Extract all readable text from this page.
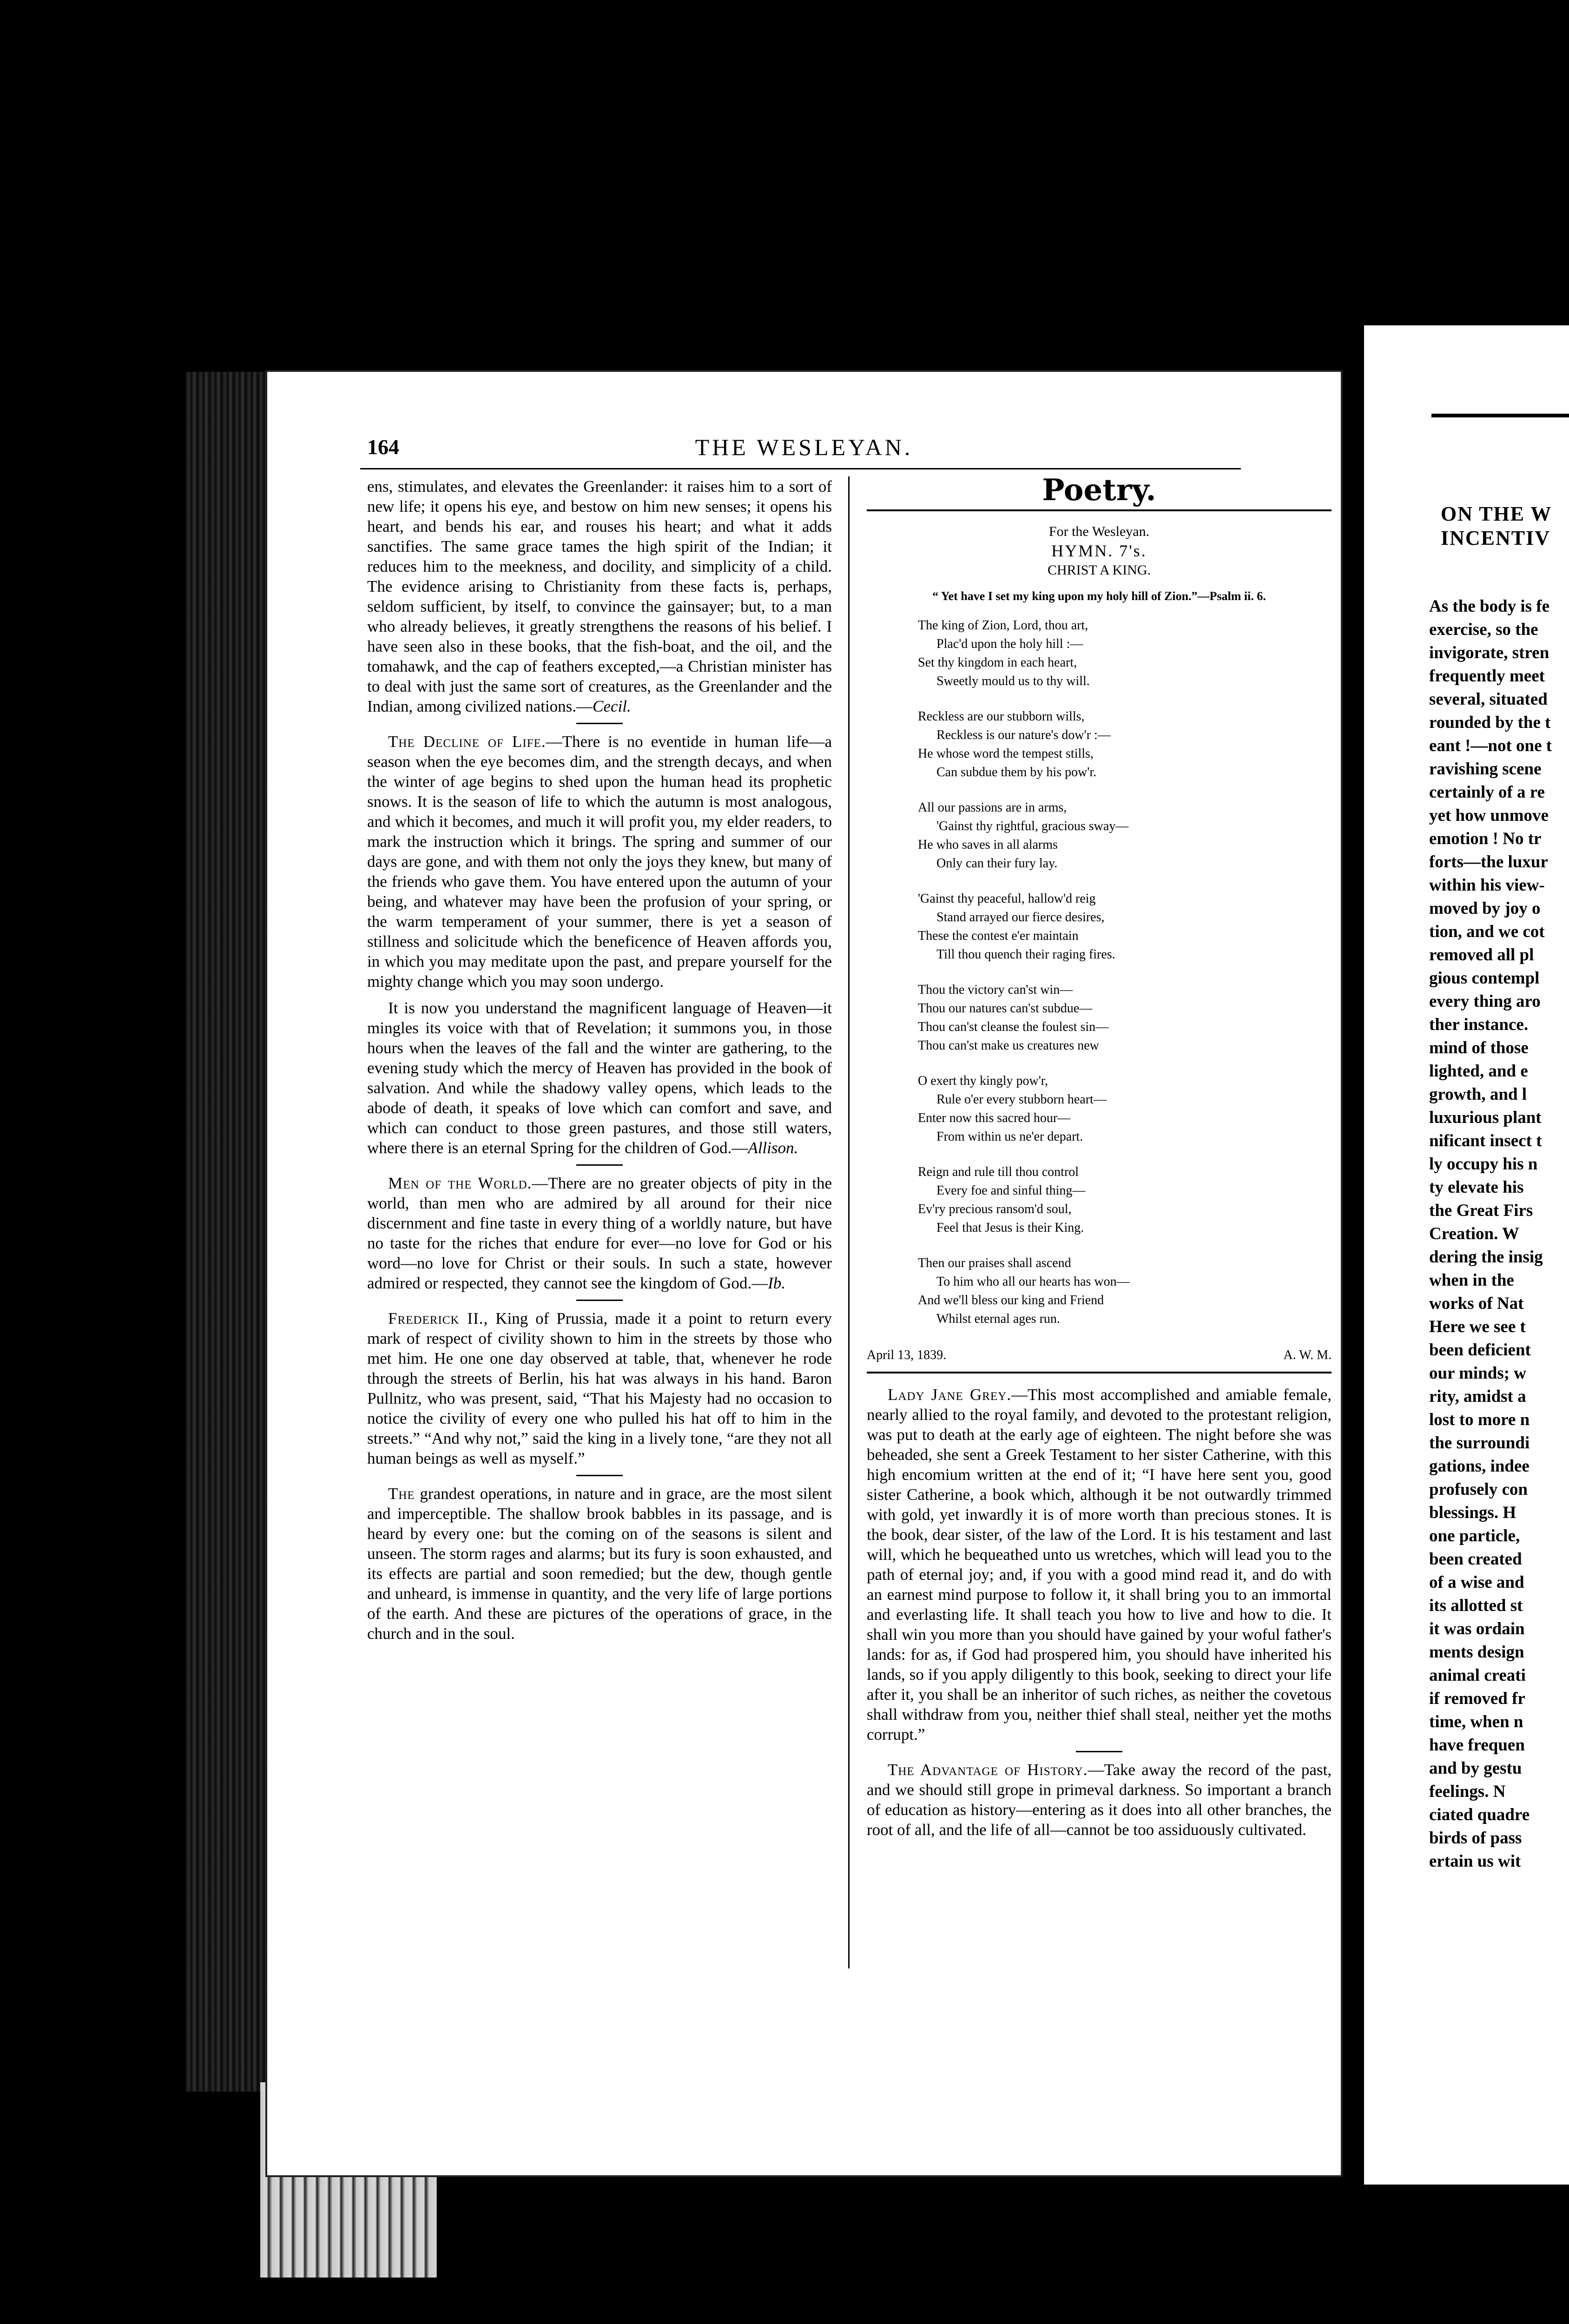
164	THE WESLEYAN.

ens, stimulates, and elevates the Greenlander: it raises him to a sort of new life; it opens his eye, and bestow on him new senses; it opens his heart, and bends his ear, and rouses his heart; and what it adds sanctifies. The same grace tames the high spirit of the Indian; it reduces him to the meekness, and docility, and simplicity of a child. The evidence arising to Christianity from these facts is, perhaps, seldom sufficient, by itself, to convince the gainsayer; but, to a man who already believes, it greatly strengthens the reasons of his belief. I have seen also in these books, that the fish-boat, and the oil, and the tomahawk, and the cap of feathers excepted,—a Christian minister has to deal with just the same sort of creatures, as the Greenlander and the Indian, among civilized nations.—Cecil.

The Decline of Life.—There is no eventide in human life—a season when the eye becomes dim, and the strength decays, and when the winter of age begins to shed upon the human head its prophetic snows. It is the season of life to which the autumn is most analogous, and which it becomes, and much it will profit you, my elder readers, to mark the instruction which it brings. The spring and summer of our days are gone, and with them not only the joys they knew, but many of the friends who gave them. You have entered upon the autumn of your being, and whatever may have been the profusion of your spring, or the warm temperament of your summer, there is yet a season of stillness and solicitude which the beneficence of Heaven affords you, in which you may meditate upon the past, and prepare yourself for the mighty change which you may soon undergo.

It is now you understand the magnificent language of Heaven—it mingles its voice with that of Revelation; it summons you, in those hours when the leaves of the fall and the winter are gathering, to the evening study which the mercy of Heaven has provided in the book of salvation. And while the shadowy valley opens, which leads to the abode of death, it speaks of love which can comfort and save, and which can conduct to those green pastures, and those still waters, where there is an eternal Spring for the children of God.—Allison.

Men of the World.—There are no greater objects of pity in the world, than men who are admired by all around for their nice discernment and fine taste in every thing of a worldly nature, but have no taste for the riches that endure for ever—no love for God or his word—no love for Christ or their souls. In such a state, however admired or respected, they cannot see the kingdom of God.—Ib.

Frederick II., King of Prussia, made it a point to return every mark of respect of civility shown to him in the streets by those who met him. He one one day observed at table, that, whenever he rode through the streets of Berlin, his hat was always in his hand. Baron Pullnitz, who was present, said, “That his Majesty had no occasion to notice the civility of every one who pulled his hat off to him in the streets.” “And why not,” said the king in a lively tone, “are they not all human beings as well as myself.”

The grandest operations, in nature and in grace, are the most silent and imperceptible. The shallow brook babbles in its passage, and is heard by every one: but the coming on of the seasons is silent and unseen. The storm rages and alarms; but its fury is soon exhausted, and its effects are partial and soon remedied; but the dew, though gentle and unheard, is immense in quantity, and the very life of large portions of the earth. And these are pictures of the operations of grace, in the church and in the soul.

Poetry.
For the Wesleyan.
HYMN. 7's.
CHRIST A KING.
“ Yet have I set my king upon my holy hill of Zion.”—Psalm ii. 6.
The king of Zion, Lord, thou art,
Plac'd upon the holy hill :—
Set thy kingdom in each heart,
Sweetly mould us to thy will.
Reckless are our stubborn wills,
Reckless is our nature's dow'r :—
He whose word the tempest stills,
Can subdue them by his pow'r.
All our passions are in arms,
'Gainst thy rightful, gracious sway—
He who saves in all alarms
Only can their fury lay.
'Gainst thy peaceful, hallow'd reig
Stand arrayed our fierce desires,
These the contest e'er maintain
Till thou quench their raging fires.
Thou the victory can'st win—
Thou our natures can'st subdue—
Thou can'st cleanse the foulest sin—
Thou can'st make us creatures new
O exert thy kingly pow'r,
Rule o'er every stubborn heart—
Enter now this sacred hour—
From within us ne'er depart.
Reign and rule till thou control
Every foe and sinful thing—
Ev'ry precious ransom'd soul,
Feel that Jesus is their King.
Then our praises shall ascend
To him who all our hearts has won—
And we'll bless our king and Friend
Whilst eternal ages run.
April 13, 1839.	A. W. M.

Lady Jane Grey.—This most accomplished and amiable female, nearly allied to the royal family, and devoted to the protestant religion, was put to death at the early age of eighteen. The night before she was beheaded, she sent a Greek Testament to her sister Catherine, with this high encomium written at the end of it; “I have here sent you, good sister Catherine, a book which, although it be not outwardly trimmed with gold, yet inwardly it is of more worth than precious stones. It is the book, dear sister, of the law of the Lord. It is his testament and last will, which he bequeathed unto us wretches, which will lead you to the path of eternal joy; and, if you with a good mind read it, and do with an earnest mind purpose to follow it, it shall bring you to an immortal and everlasting life. It shall teach you how to live and how to die. It shall win you more than you should have gained by your woful father's lands: for as, if God had prospered him, you should have inherited his lands, so if you apply diligently to this book, seeking to direct your life after it, you shall be an inheritor of such riches, as neither the covetous shall withdraw from you, neither thief shall steal, neither yet the moths corrupt.”

The Advantage of History.—Take away the record of the past, and we should still grope in primeval darkness. So important a branch of education as history—entering as it does into all other branches, the root of all, and the life of all—cannot be too assiduously cultivated.

ON THE W
INCENTIV
As the body is fe
exercise, so the
invigorate, stren
frequently meet
several, situated
rounded by the t
eant !—not one t
ravishing scene
certainly of a re
yet how unmove
emotion ! No tr
forts—the luxur
within his view-
moved by joy o
tion, and we cot
removed all pl
gious contempl
every thing aro
ther instance.
mind of those
lighted, and e
growth, and l
luxurious plant
nificant insect t
ly occupy his n
ty elevate his
the Great Firs
Creation. W
dering the insig
when in the
works of Nat
Here we see t
been deficient
our minds; w
rity, amidst a
lost to more n
the surroundi
gations, indee
profusely con
blessings. H
one particle,
been created
of a wise and
its allotted st
it was ordain
ments design
animal creati
if removed fr
time, when n
have frequen
and by gestu
feelings. N
ciated quadre
birds of pass
ertain us wit
